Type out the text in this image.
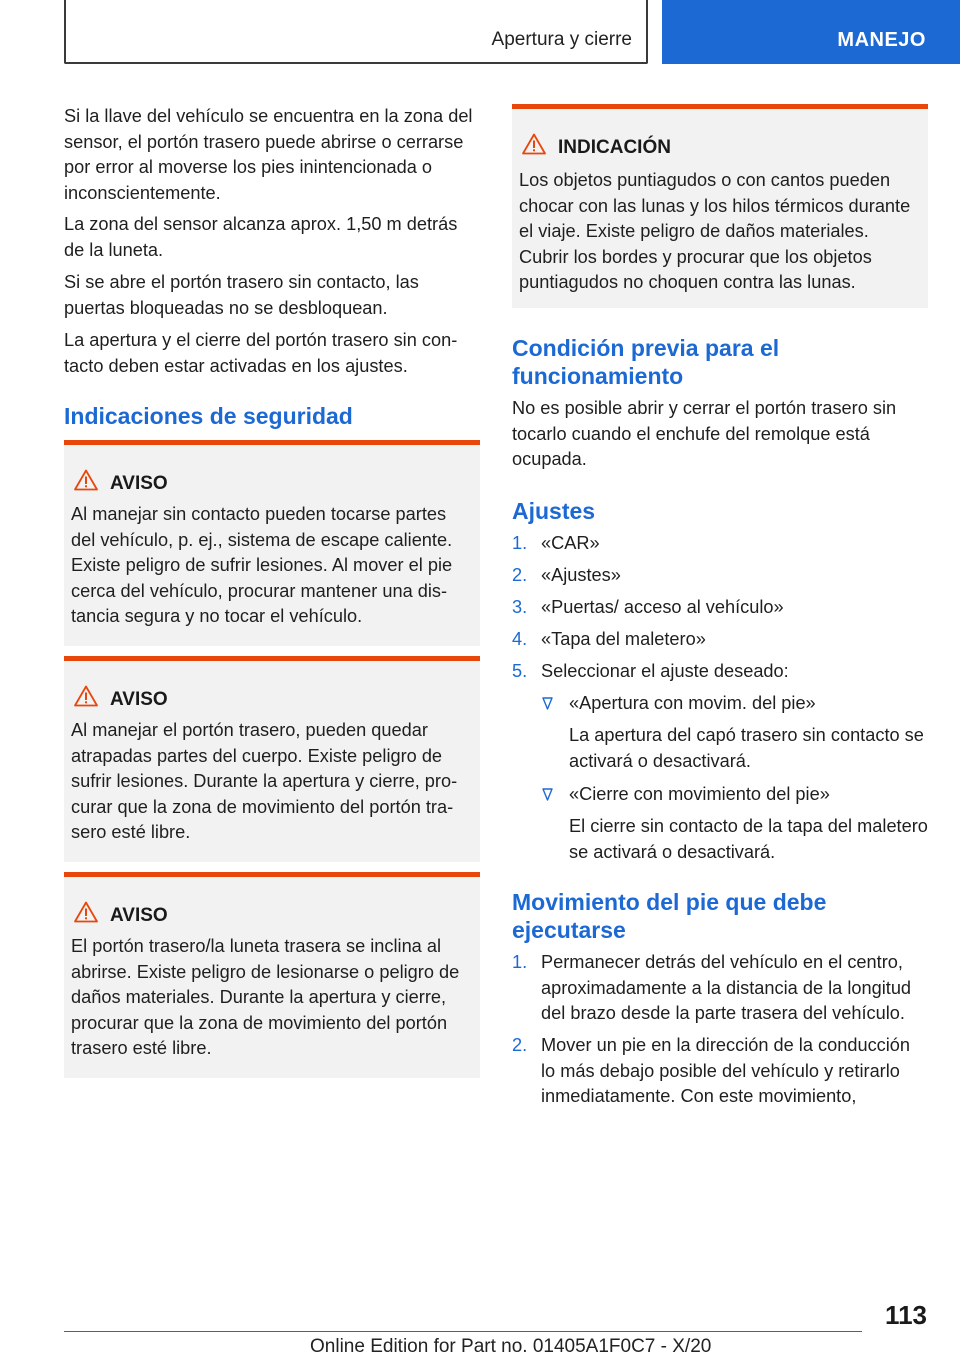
Apertura y cierre	MANEJO

Si la llave del vehículo se encuentra en la zona del sensor, el portón trasero puede abrirse o cerrarse por error al moverse los pies inintencionada o inconscientemente.

La zona del sensor alcanza aprox. 1,50 m detrás de la luneta.

Si se abre el portón trasero sin contacto, las puertas bloqueadas no se desbloquean.

La apertura y el cierre del portón trasero sin contacto deben estar activadas en los ajustes.

Indicaciones de seguridad
AVISO

Al manejar sin contacto pueden tocarse partes del vehículo, p. ej., sistema de escape caliente. Existe peligro de sufrir lesiones. Al mover el pie cerca del vehículo, procurar mantener una distancia segura y no tocar el vehículo.

AVISO

Al manejar el portón trasero, pueden quedar atrapadas partes del cuerpo. Existe peligro de sufrir lesiones. Durante la apertura y cierre, procurar que la zona de movimiento del portón trasero esté libre.

AVISO

El portón trasero/la luneta trasera se inclina al abrirse. Existe peligro de lesionarse o peligro de daños materiales. Durante la apertura y cierre, procurar que la zona de movimiento del portón trasero esté libre.

INDICACIÓN

Los objetos puntiagudos o con cantos pueden chocar con las lunas y los hilos térmicos durante el viaje. Existe peligro de daños materiales. Cubrir los bordes y procurar que los objetos puntiagudos no choquen contra las lunas.

Condición previa para el funcionamiento

No es posible abrir y cerrar el portón trasero sin tocarlo cuando el enchufe del remolque está ocupada.

Ajustes
1. «CAR»
2. «Ajustes»
3. «Puertas/ acceso al vehículo»
4. «Tapa del maletero»
5. Seleccionar el ajuste deseado:
«Apertura con movim. del pie»
La apertura del capó trasero sin contacto se activará o desactivará.
«Cierre con movimiento del pie»
El cierre sin contacto de la tapa del maletero se activará o desactivará.
Movimiento del pie que debe ejecutarse
1. Permanecer detrás del vehículo en el centro, aproximadamente a la distancia de la longitud del brazo desde la parte trasera del vehículo.
2. Mover un pie en la dirección de la conducción lo más debajo posible del vehículo y retirarlo inmediatamente. Con este movimiento,
113
Online Edition for Part no. 01405A1F0C7 - X/20
